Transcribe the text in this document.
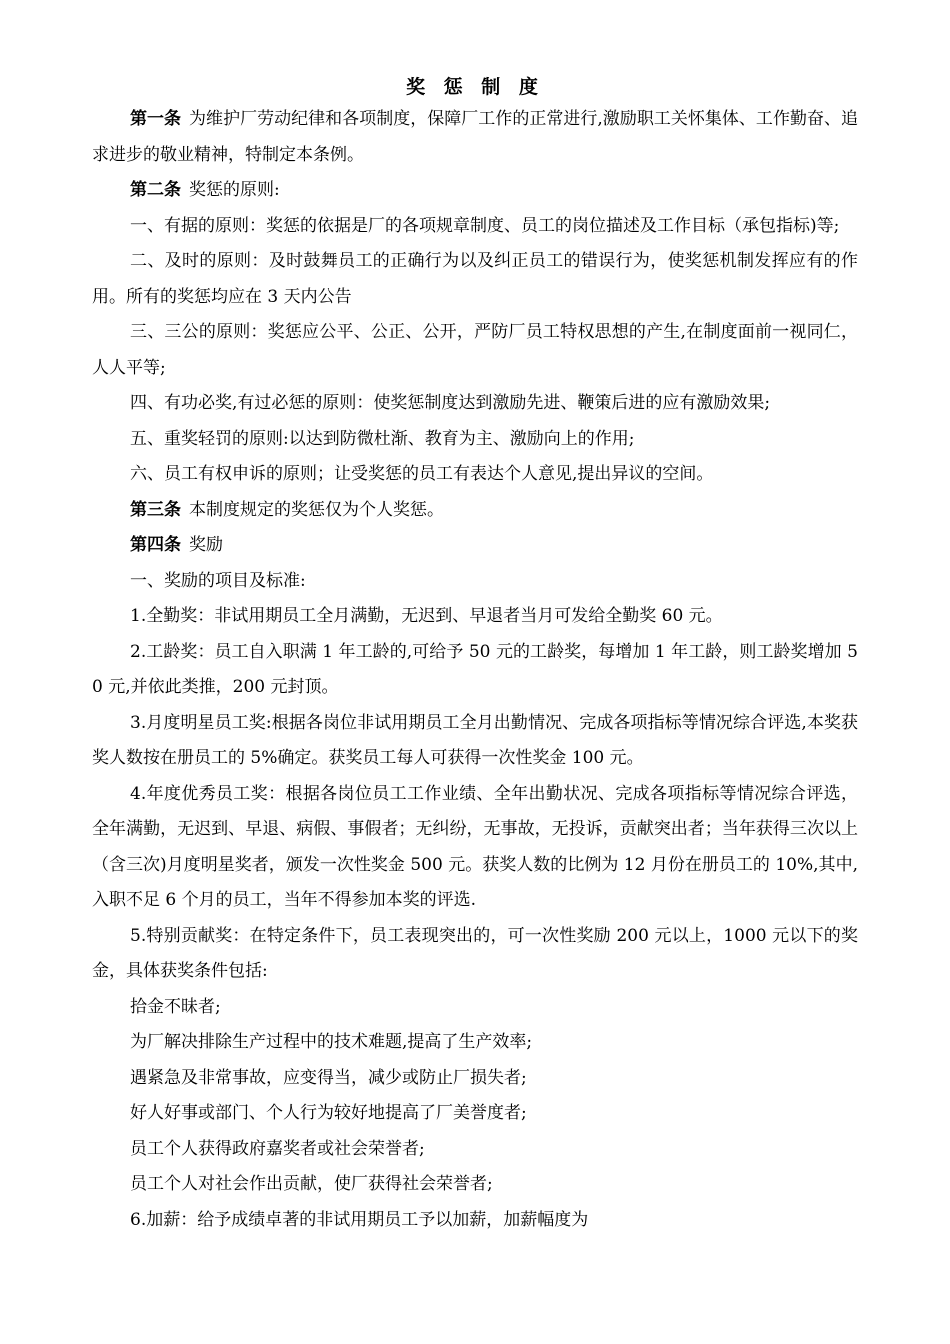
奖 惩 制 度

第一条 为维护厂劳动纪律和各项制度，保障厂工作的正常进行,激励职工关怀集体、工作勤奋、追求进步的敬业精神，特制定本条例。

第二条 奖惩的原则:

一、有据的原则：奖惩的依据是厂的各项规章制度、员工的岗位描述及工作目标（承包指标)等;

二、及时的原则：及时鼓舞员工的正确行为以及纠正员工的错误行为，使奖惩机制发挥应有的作用。所有的奖惩均应在 3 天内公告

三、三公的原则：奖惩应公平、公正、公开，严防厂员工特权思想的产生,在制度面前一视同仁，人人平等;

四、有功必奖,有过必惩的原则：使奖惩制度达到激励先进、鞭策后进的应有激励效果;

五、重奖轻罚的原则:以达到防微杜渐、教育为主、激励向上的作用;

六、员工有权申诉的原则；让受奖惩的员工有表达个人意见,提出异议的空间。

第三条 本制度规定的奖惩仅为个人奖惩。

第四条 奖励

一、奖励的项目及标准:

1.全勤奖：非试用期员工全月满勤，无迟到、早退者当月可发给全勤奖 60 元。

2.工龄奖：员工自入职满 1 年工龄的,可给予 50 元的工龄奖，每增加 1 年工龄，则工龄奖增加 50 元,并依此类推，200 元封顶。

3.月度明星员工奖:根据各岗位非试用期员工全月出勤情况、完成各项指标等情况综合评选,本奖获奖人数按在册员工的 5%确定。获奖员工每人可获得一次性奖金 100 元。

4.年度优秀员工奖：根据各岗位员工工作业绩、全年出勤状况、完成各项指标等情况综合评选，全年满勤，无迟到、早退、病假、事假者；无纠纷，无事故，无投诉，贡献突出者；当年获得三次以上（含三次)月度明星奖者，颁发一次性奖金 500 元。获奖人数的比例为 12 月份在册员工的 10%,其中,入职不足 6 个月的员工，当年不得参加本奖的评选.

5.特别贡献奖：在特定条件下，员工表现突出的，可一次性奖励 200 元以上，1000 元以下的奖金，具体获奖条件包括:

拾金不昧者;

为厂解决排除生产过程中的技术难题,提高了生产效率;

遇紧急及非常事故，应变得当，减少或防止厂损失者;

好人好事或部门、个人行为较好地提高了厂美誉度者;

员工个人获得政府嘉奖者或社会荣誉者;

员工个人对社会作出贡献，使厂获得社会荣誉者;

6.加薪：给予成绩卓著的非试用期员工予以加薪，加薪幅度为
